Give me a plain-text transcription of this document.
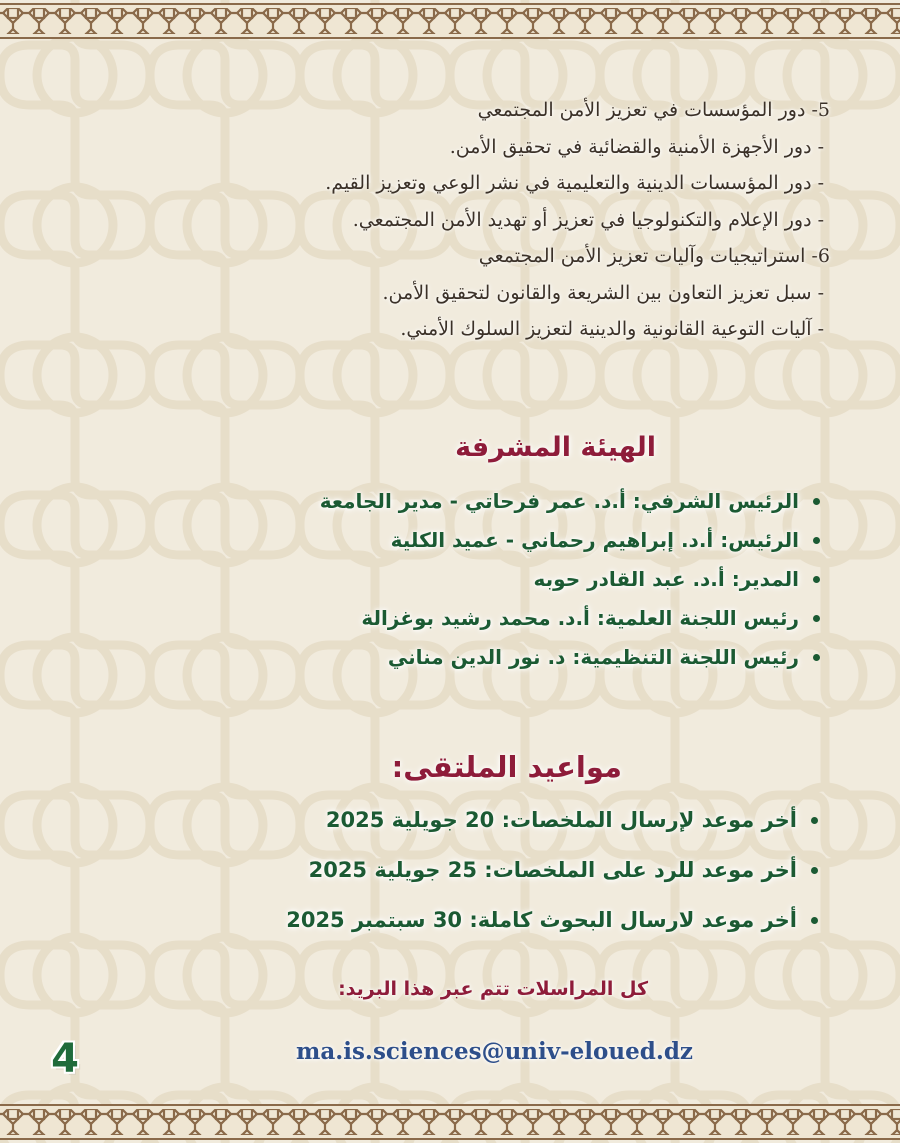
5- دور المؤسسات في تعزيز الأمن المجتمعي
- دور الأجهزة الأمنية والقضائية في تحقيق الأمن.
- دور المؤسسات الدينية والتعليمية في نشر الوعي وتعزيز القيم.
- دور الإعلام والتكنولوجيا في تعزيز أو تهديد الأمن المجتمعي.
6- استراتيجيات وآليات تعزيز الأمن المجتمعي
- سبل تعزيز التعاون بين الشريعة والقانون لتحقيق الأمن.
- آليات التوعية القانونية والدينية لتعزيز السلوك الأمني.
الهيئة المشرفة
الرئيس الشرفي: أ.د. عمر فرحاتي - مدير الجامعة
الرئيس: أ.د. إبراهيم رحماني - عميد الكلية
المدير: أ.د. عبد القادر حوبه
رئيس اللجنة العلمية: أ.د. محمد رشيد بوغزالة
رئيس اللجنة التنظيمية: د. نور الدين مناني
مواعيد الملتقى:
أخر موعد لإرسال الملخصات: 20 جويلية 2025
أخر موعد للرد على الملخصات: 25 جويلية 2025
أخر موعد لارسال البحوث كاملة: 30 سبتمبر 2025
كل المراسلات تتم عبر هذا البريد:
ma.is.sciences@univ-eloued.dz
4
